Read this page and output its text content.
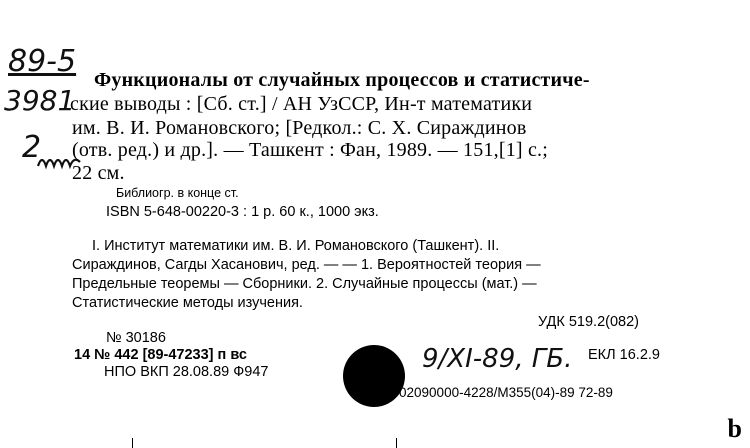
89-5
3981
2
Функционалы от случайных процессов и статистиче-
ские выводы : [Сб. ст.] / АН УзССР, Ин-т математики
им. В. И. Романовского; [Редкол.: С. Х. Сираждинов
(отв. ред.) и др.]. — Ташкент : Фан, 1989. — 151,[1] с.;
22 см.
Библиогр. в конце ст.
ISBN 5-648-00220-3 : 1 р. 60 к., 1000 экз.
I. Институт математики им. В. И. Романовского (Ташкент). II.
Сираждинов, Сагды Хасанович, ред. — — 1. Вероятностей теория —
Предельные теоремы — Сборники. 2. Случайные процессы (мат.) —
Статистические методы изучения.
УДК 519.2(082)
№ 30186
14 № 442 [89-47233] п вс
НПО ВКП 28.08.89 Ф947	9/XI-89, ГБ. ЕКЛ 16.2.9
1702090000-4228/М355(04)-89 72-89
b
